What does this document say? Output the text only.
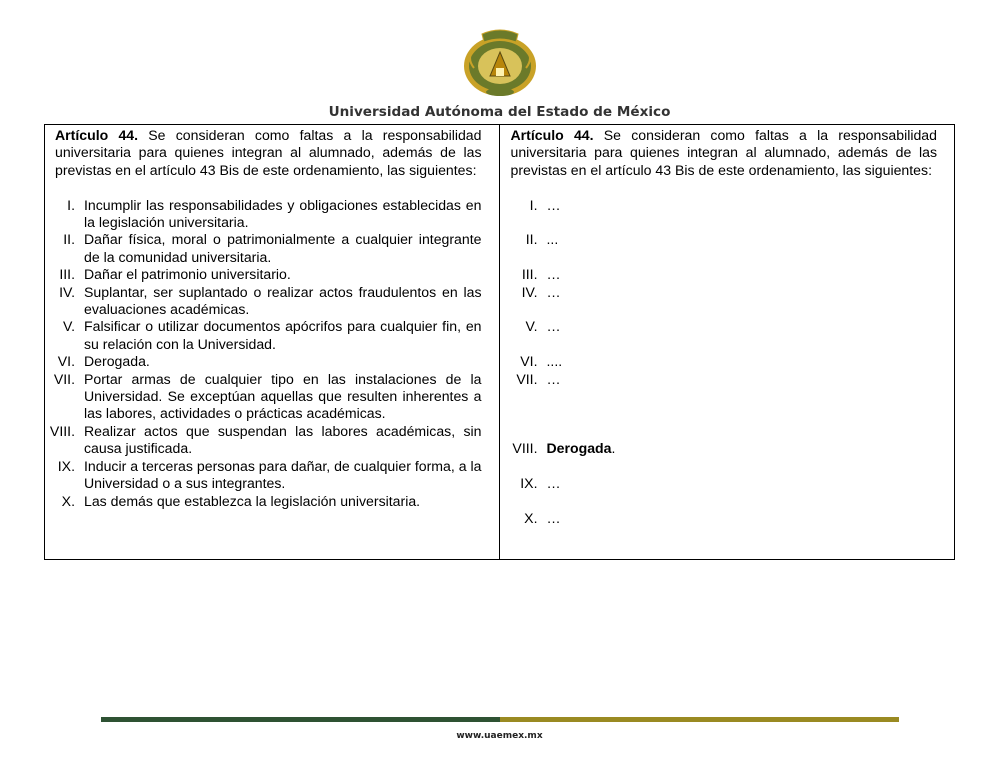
Universidad Autónoma del Estado de México

Artículo 44. Se consideran como faltas a la responsabilidad universitaria para quienes integran al alumnado, además de las previstas en el artículo 43 Bis de este ordenamiento, las siguientes:

I. Incumplir las responsabilidades y obligaciones establecidas en la legislación universitaria.
II. Dañar física, moral o patrimonialmente a cualquier integrante de la comunidad universitaria.
III. Dañar el patrimonio universitario.
IV. Suplantar, ser suplantado o realizar actos fraudulentos en las evaluaciones académicas.
V. Falsificar o utilizar documentos apócrifos para cualquier fin, en su relación con la Universidad.
VI. Derogada.
VII. Portar armas de cualquier tipo en las instalaciones de la Universidad. Se exceptúan aquellas que resulten inherentes a las labores, actividades o prácticas académicas.
VIII. Realizar actos que suspendan las labores académicas, sin causa justificada.
IX. Inducir a terceras personas para dañar, de cualquier forma, a la Universidad o a sus integrantes.
X. Las demás que establezca la legislación universitaria.

Artículo 44. Se consideran como faltas a la responsabilidad universitaria para quienes integran al alumnado, además de las previstas en el artículo 43 Bis de este ordenamiento, las siguientes:

I. …
II. ...
III. …
IV. …
V. …
VI. ....
VII. …
VIII. Derogada.
IX. …
X. …
www.uaemex.mx
